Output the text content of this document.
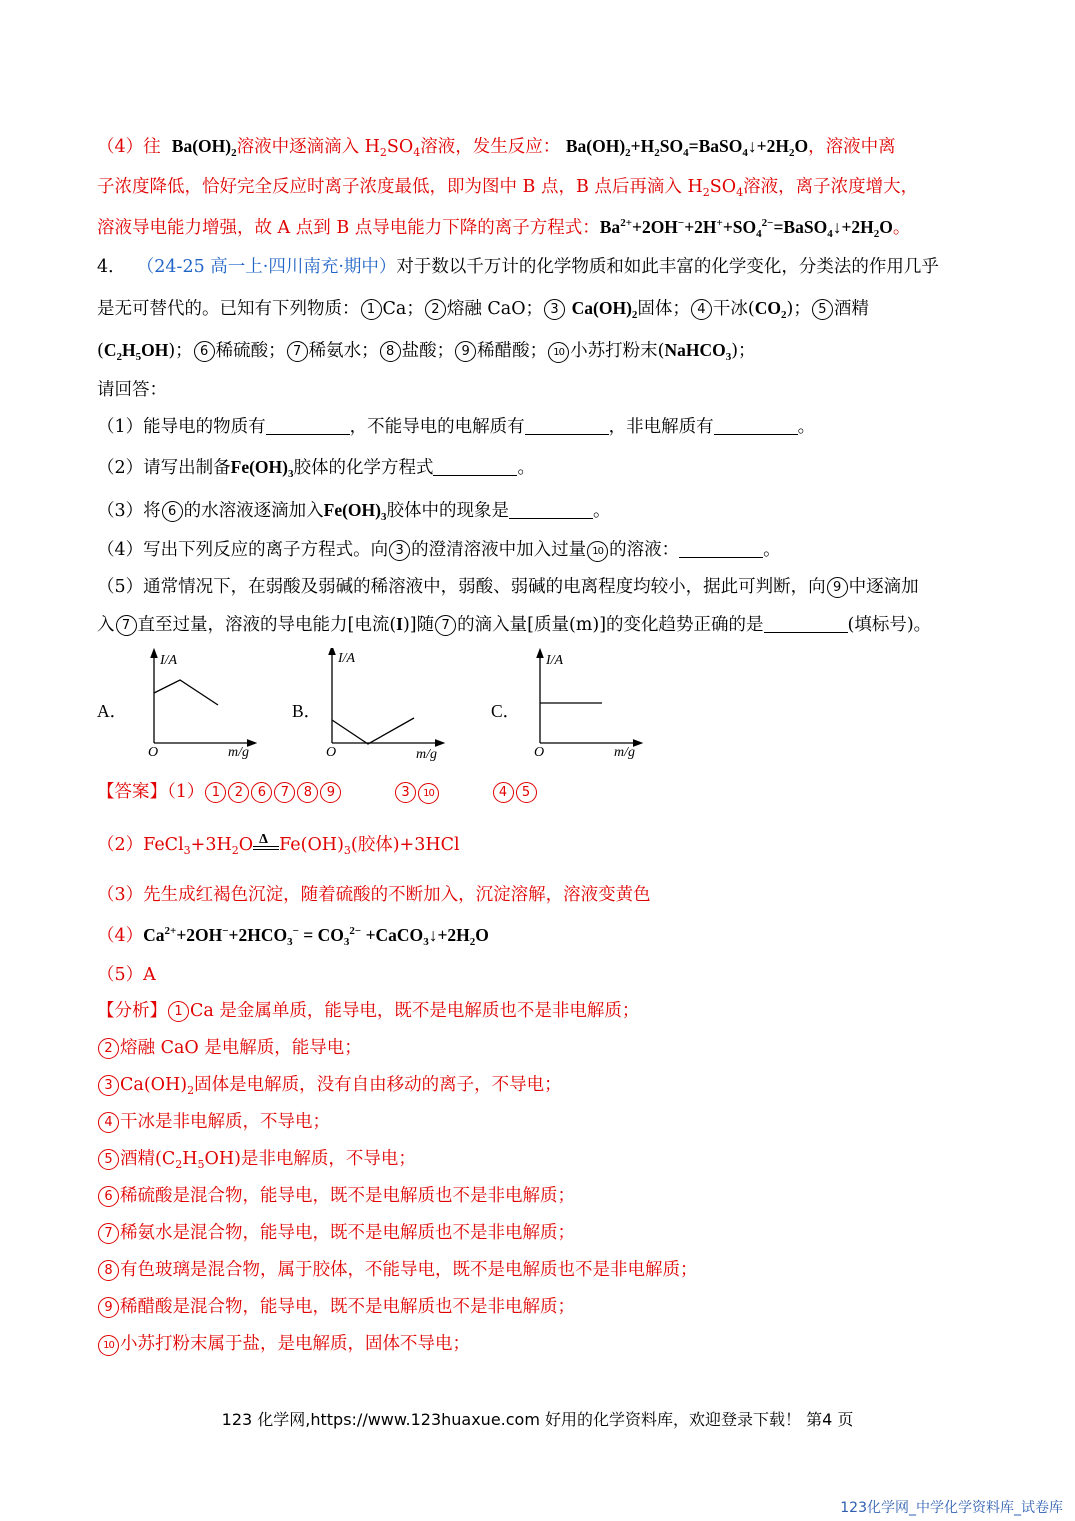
（4）往 $Ba(OH)_2$溶液中逐滴滴入 $H_2SO_4$溶液，发生反应： $Ba(OH)_2+H_2SO_4=BaSO_4↓+2H_2O$，溶液中离
子浓度降低，恰好完全反应时离子浓度最低，即为图中 B 点，B 点后再滴入 $H_2SO_4$溶液，离子浓度增大，
溶液导电能力增强，故 A 点到 B 点导电能力下降的离子方程式：$Ba^{2+}+2OH^-+2H^++SO_4^{2-}=BaSO_4↓+2H_2O$。
4． （24-25 高一上·四川南充·期中）对于数以千万计的化学物质和如此丰富的化学变化，分类法的作用几乎
是无可替代的。已知有下列物质： 1 Ca； 2 熔融 CaO； 3 $Ca(OH)_2$固体； 4 干冰$(CO_2)$； 5 酒精
$(C_2H_5OH)$； 6 稀硫酸； 7 稀氨水； 8 盐酸； 9 稀醋酸； 10 小苏打粉末(NaHCO$_3$)；
请回答：
（1）能导电的物质有	，不能导电的电解质有	，非电解质有	。
（2）请写出制备$Fe(OH)_3$胶体的化学方程式	。
（3）将 6 的水溶液逐滴加入$Fe(OH)_3$胶体中的现象是	。
（4）写出下列反应的离子方程式。向 3 的澄清溶液中加入过量 10 的溶液：	。
（5）通常情况下，在弱酸及弱碱的稀溶液中，弱酸、弱碱的电离程度均较小，据此可判断，向 9 中逐滴加
入 7 直至过量，溶液的导电能力[电流(I)]随 7 的滴入量[质量(m)]的变化趋势正确的是	(填标号)。
A．
I/A
O	m/g
B．
I/A
O	m/g
C．
I/A
O	m/g
【答案】（1） 1 2 6 7 8 9	3 10	4 5
$(2)FeCl_3+3H_2O$ Δ $Fe(OH)_3$(胶体)+3HCl
（3）先生成红褐色沉淀，随着硫酸的不断加入，沉淀溶解，溶液变黄色
$(4)Ca^{2+}+2OH^-+2HCO_3^- = CO_3^{2-}$ $+CaCO_3↓+2H_2O$
（5）A
【分析】 1 Ca 是金属单质，能导电，既不是电解质也不是非电解质；
2 熔融 CaO 是电解质，能导电；
3 $Ca(OH)_2$固体是电解质，没有自由移动的离子，不导电；
4 干冰是非电解质，不导电；
5 酒精$(C_2H_5OH)$是非电解质，不导电；
6 稀硫酸是混合物，能导电，既不是电解质也不是非电解质；
7 稀氨水是混合物，能导电，既不是电解质也不是非电解质；
8 有色玻璃是混合物，属于胶体，不能导电，既不是电解质也不是非电解质；
9 稀醋酸是混合物，能导电，既不是电解质也不是非电解质；
10 小苏打粉末属于盐，是电解质，固体不导电；
123 化学网,https://www.123huaxue.com 好用的化学资料库，欢迎登录下载！ 第4 页
123化学网_中学化学资料库_试卷库
